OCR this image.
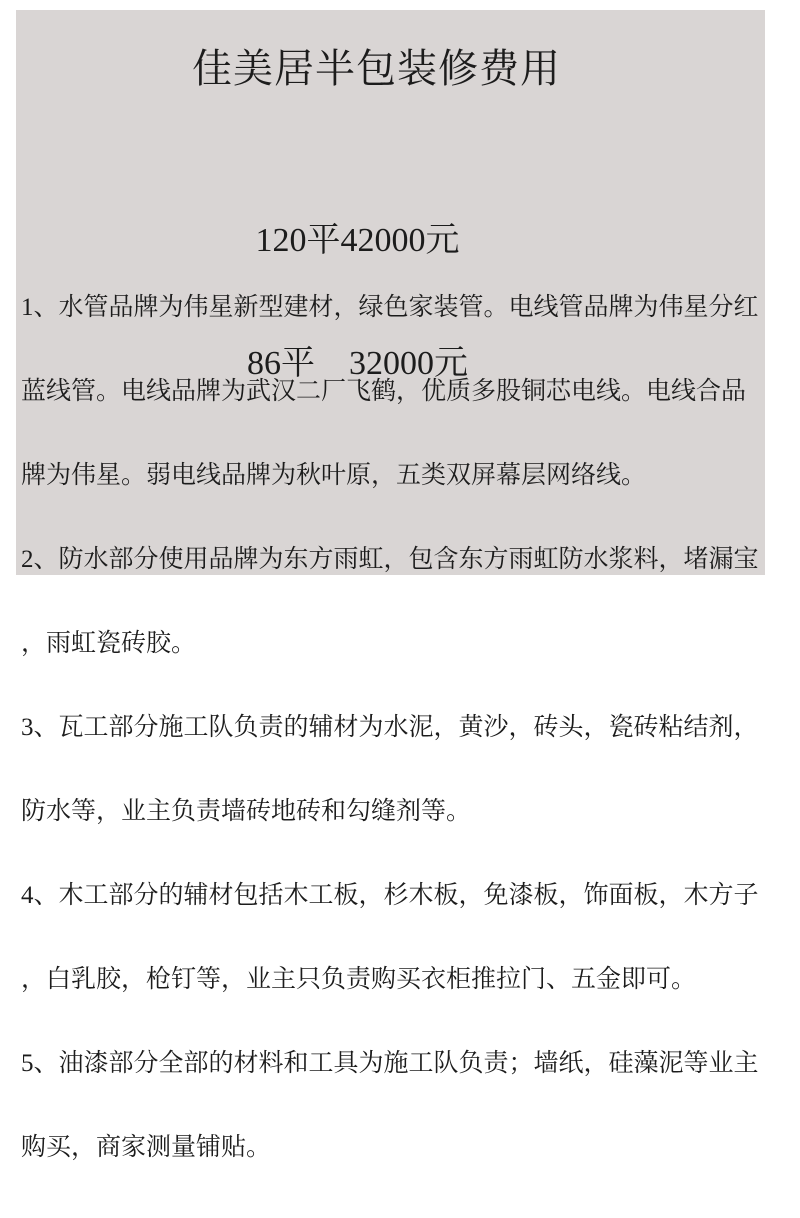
佳美居半包装修费用

120平42000元

86平　32000元

1、水管品牌为伟星新型建材，绿色家装管。电线管品牌为伟星分红

蓝线管。电线品牌为武汉二厂飞鹤，优质多股铜芯电线。电线合品

牌为伟星。弱电线品牌为秋叶原，五类双屏幕层网络线。

2、防水部分使用品牌为东方雨虹，包含东方雨虹防水浆料，堵漏宝

，雨虹瓷砖胶。

3、瓦工部分施工队负责的辅材为水泥，黄沙，砖头，瓷砖粘结剂，

防水等，业主负责墙砖地砖和勾缝剂等。

4、木工部分的辅材包括木工板，杉木板，免漆板，饰面板，木方子

，白乳胶，枪钉等，业主只负责购买衣柜推拉门、五金即可。

5、油漆部分全部的材料和工具为施工队负责；墙纸，硅藻泥等业主

购买，商家测量铺贴。
